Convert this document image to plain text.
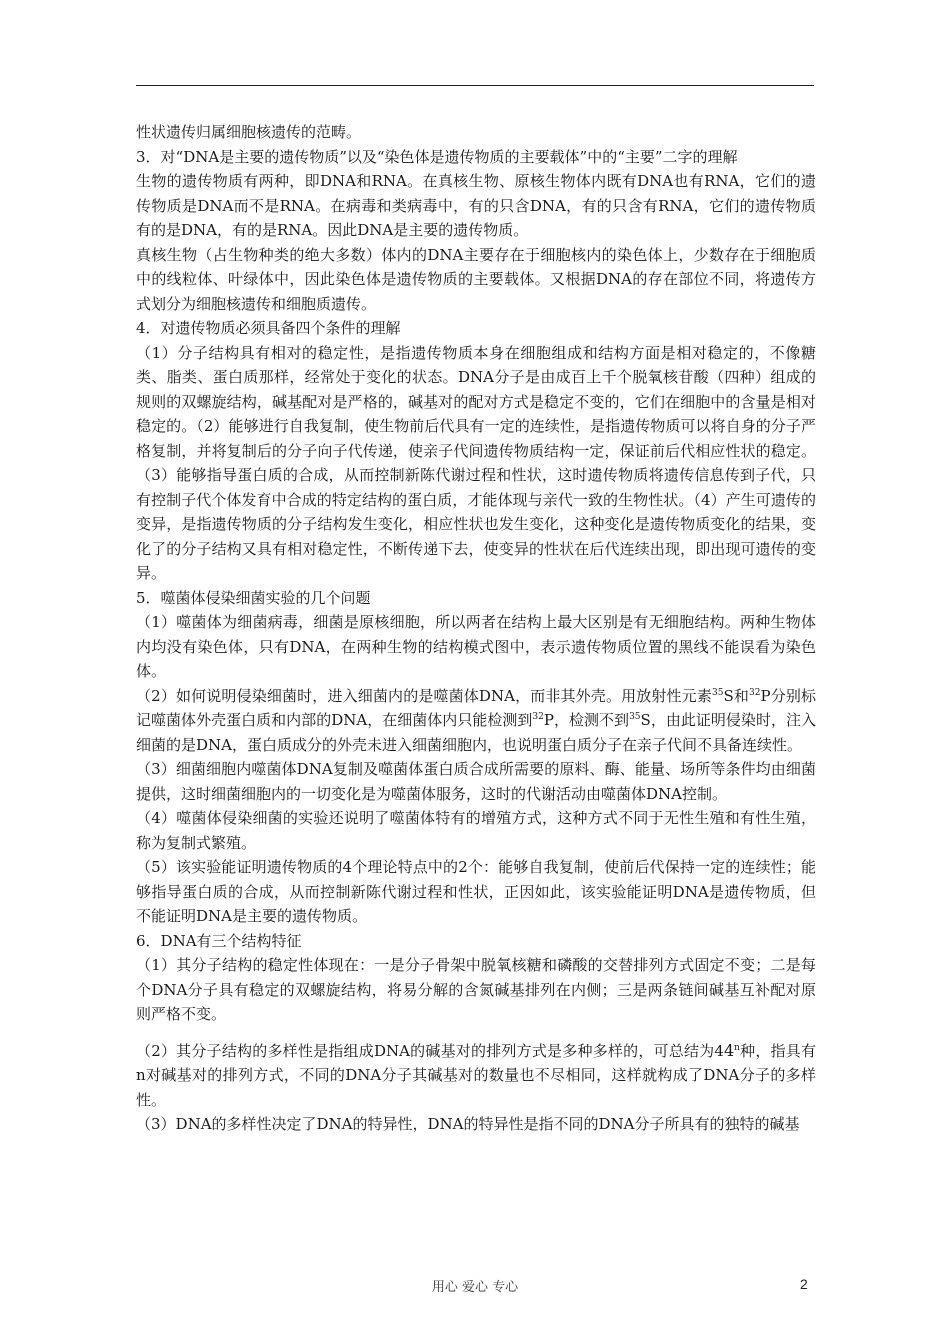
性状遗传归属细胞核遗传的范畴。

3．对“DNA是主要的遗传物质”以及“染色体是遗传物质的主要载体”中的“主要”二字的理解

生物的遗传物质有两种，即DNA和RNA。在真核生物、原核生物体内既有DNA也有RNA，它们的遗传物质是DNA而不是RNA。在病毒和类病毒中，有的只含DNA，有的只含有RNA，它们的遗传物质有的是DNA，有的是RNA。因此DNA是主要的遗传物质。

真核生物（占生物种类的绝大多数）体内的DNA主要存在于细胞核内的染色体上，少数存在于细胞质中的线粒体、叶绿体中，因此染色体是遗传物质的主要载体。又根据DNA的存在部位不同，将遗传方式划分为细胞核遗传和细胞质遗传。

4．对遗传物质必须具备四个条件的理解

（1）分子结构具有相对的稳定性，是指遗传物质本身在细胞组成和结构方面是相对稳定的，不像糖类、脂类、蛋白质那样，经常处于变化的状态。DNA分子是由成百上千个脱氧核苷酸（四种）组成的规则的双螺旋结构，碱基配对是严格的，碱基对的配对方式是稳定不变的，它们在细胞中的含量是相对稳定的。（2）能够进行自我复制，使生物前后代具有一定的连续性，是指遗传物质可以将自身的分子严格复制，并将复制后的分子向子代传递，使亲子代间遗传物质结构一定，保证前后代相应性状的稳定。（3）能够指导蛋白质的合成，从而控制新陈代谢过程和性状，这时遗传物质将遗传信息传到子代，只有控制子代个体发育中合成的特定结构的蛋白质，才能体现与亲代一致的生物性状。（4）产生可遗传的变异，是指遗传物质的分子结构发生变化，相应性状也发生变化，这种变化是遗传物质变化的结果，变化了的分子结构又具有相对稳定性，不断传递下去，使变异的性状在后代连续出现，即出现可遗传的变异。

5．噬菌体侵染细菌实验的几个问题

（1）噬菌体为细菌病毒，细菌是原核细胞，所以两者在结构上最大区别是有无细胞结构。两种生物体内均没有染色体，只有DNA，在两种生物的结构模式图中，表示遗传物质位置的黑线不能误看为染色体。

（2）如何说明侵染细菌时，进入细菌内的是噬菌体DNA，而非其外壳。用放射性元素$^{35}$S和$^{32}$P分别标记噬菌体外壳蛋白质和内部的DNA，在细菌体内只能检测到$^{32}$P，检测不到$^{35}$S，由此证明侵染时，注入细菌的是DNA，蛋白质成分的外壳未进入细菌细胞内，也说明蛋白质分子在亲子代间不具备连续性。

（3）细菌细胞内噬菌体DNA复制及噬菌体蛋白质合成所需要的原料、酶、能量、场所等条件均由细菌提供，这时细菌细胞内的一切变化是为噬菌体服务，这时的代谢活动由噬菌体DNA控制。

（4）噬菌体侵染细菌的实验还说明了噬菌体特有的增殖方式，这种方式不同于无性生殖和有性生殖，称为复制式繁殖。

（5）该实验能证明遗传物质的4个理论特点中的2个：能够自我复制，使前后代保持一定的连续性；能够指导蛋白质的合成，从而控制新陈代谢过程和性状，正因如此，该实验能证明DNA是遗传物质，但不能证明DNA是主要的遗传物质。

6．DNA有三个结构特征

（1）其分子结构的稳定性体现在：一是分子骨架中脱氧核糖和磷酸的交替排列方式固定不变；二是每个DNA分子具有稳定的双螺旋结构，将易分解的含氮碱基排列在内侧；三是两条链间碱基互补配对原则严格不变。

（2）其分子结构的多样性是指组成DNA的碱基对的排列方式是多种多样的，可总结为44$^n$种，指具有n对碱基对的排列方式，不同的DNA分子其碱基对的数量也不尽相同，这样就构成了DNA分子的多样性。

（3）DNA的多样性决定了DNA的特异性，DNA的特异性是指不同的DNA分子所具有的独特的碱基

用心 爱心 专心	2
